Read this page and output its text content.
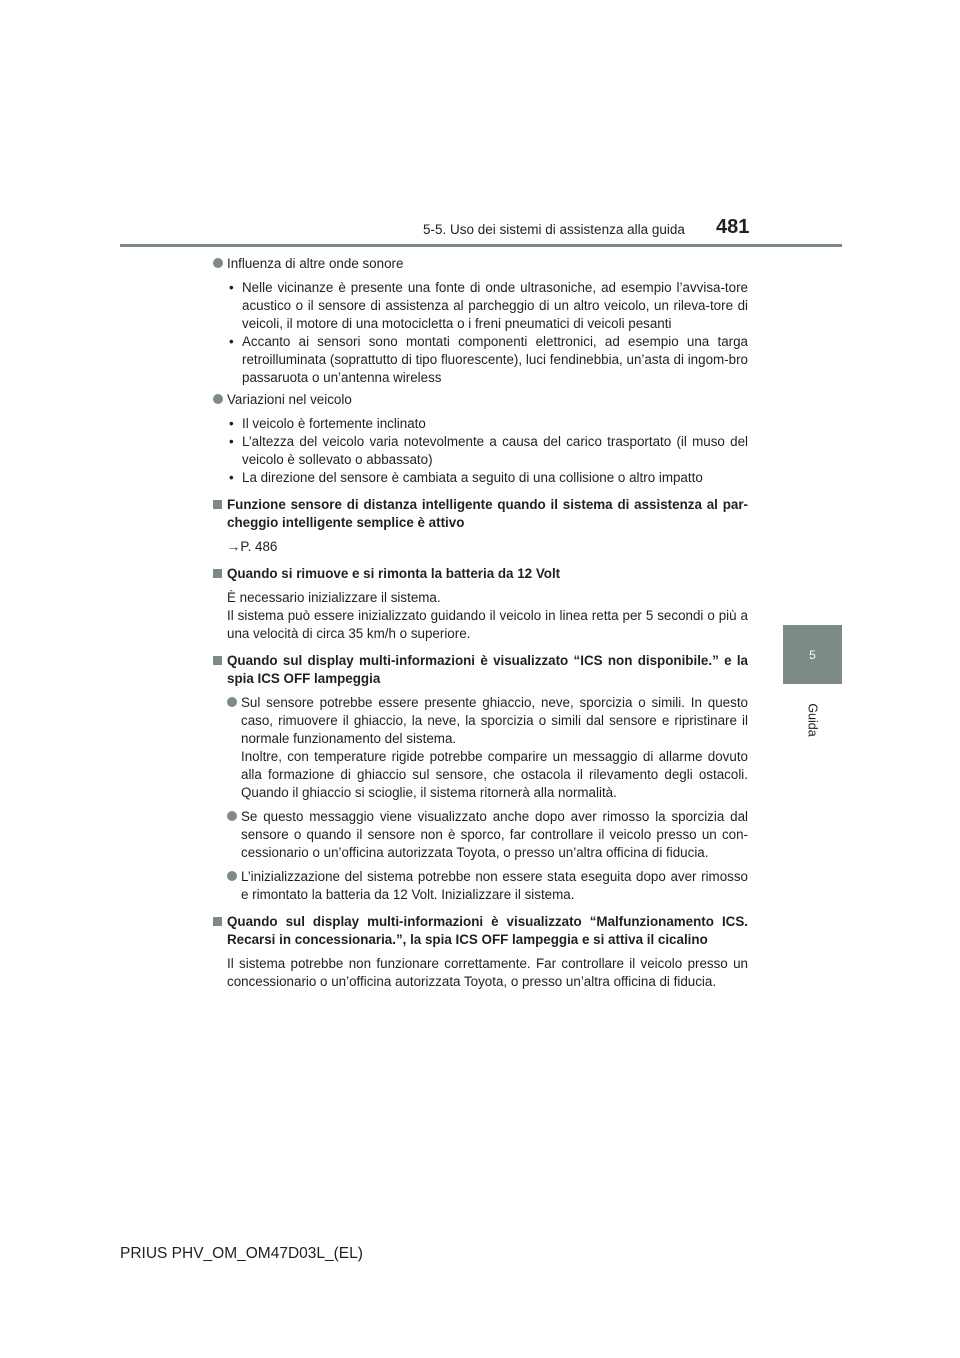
5-5. Uso dei sistemi di assistenza alla guida 481
5
Guida

Influenza di altre onde sonore

• Nelle vicinanze è presente una fonte di onde ultrasoniche, ad esempio l’avvisa-tore acustico o il sensore di assistenza al parcheggio di un altro veicolo, un rileva-tore di veicoli, il motore di una motocicletta o i freni pneumatici di veicoli pesanti

• Accanto ai sensori sono montati componenti elettronici, ad esempio una targa retroilluminata (soprattutto di tipo fluorescente), luci fendinebbia, un’asta di ingom-bro passaruota o un’antenna wireless

Variazioni nel veicolo

• Il veicolo è fortemente inclinato

• L’altezza del veicolo varia notevolmente a causa del carico trasportato (il muso del veicolo è sollevato o abbassato)

• La direzione del sensore è cambiata a seguito di una collisione o altro impatto

Funzione sensore di distanza intelligente quando il sistema di assistenza al par-cheggio intelligente semplice è attivo

→P. 486

Quando si rimuove e si rimonta la batteria da 12 Volt

È necessario inizializzare il sistema.

Il sistema può essere inizializzato guidando il veicolo in linea retta per 5 secondi o più a una velocità di circa 35 km/h o superiore.

Quando sul display multi-informazioni è visualizzato “ICS non disponibile.” e la spia ICS OFF lampeggia

Sul sensore potrebbe essere presente ghiaccio, neve, sporcizia o simili. In questo caso, rimuovere il ghiaccio, la neve, la sporcizia o simili dal sensore e ripristinare il normale funzionamento del sistema.

Inoltre, con temperature rigide potrebbe comparire un messaggio di allarme dovuto alla formazione di ghiaccio sul sensore, che ostacola il rilevamento degli ostacoli. Quando il ghiaccio si scioglie, il sistema ritornerà alla normalità.

Se questo messaggio viene visualizzato anche dopo aver rimosso la sporcizia dal sensore o quando il sensore non è sporco, far controllare il veicolo presso un con-cessionario o un’officina autorizzata Toyota, o presso un’altra officina di fiducia.

L’inizializzazione del sistema potrebbe non essere stata eseguita dopo aver rimosso e rimontato la batteria da 12 Volt. Inizializzare il sistema.

Quando sul display multi-informazioni è visualizzato “Malfunzionamento ICS. Recarsi in concessionaria.”, la spia ICS OFF lampeggia e si attiva il cicalino

Il sistema potrebbe non funzionare correttamente. Far controllare il veicolo presso un concessionario o un’officina autorizzata Toyota, o presso un’altra officina di fiducia.

PRIUS PHV_OM_OM47D03L_(EL)
